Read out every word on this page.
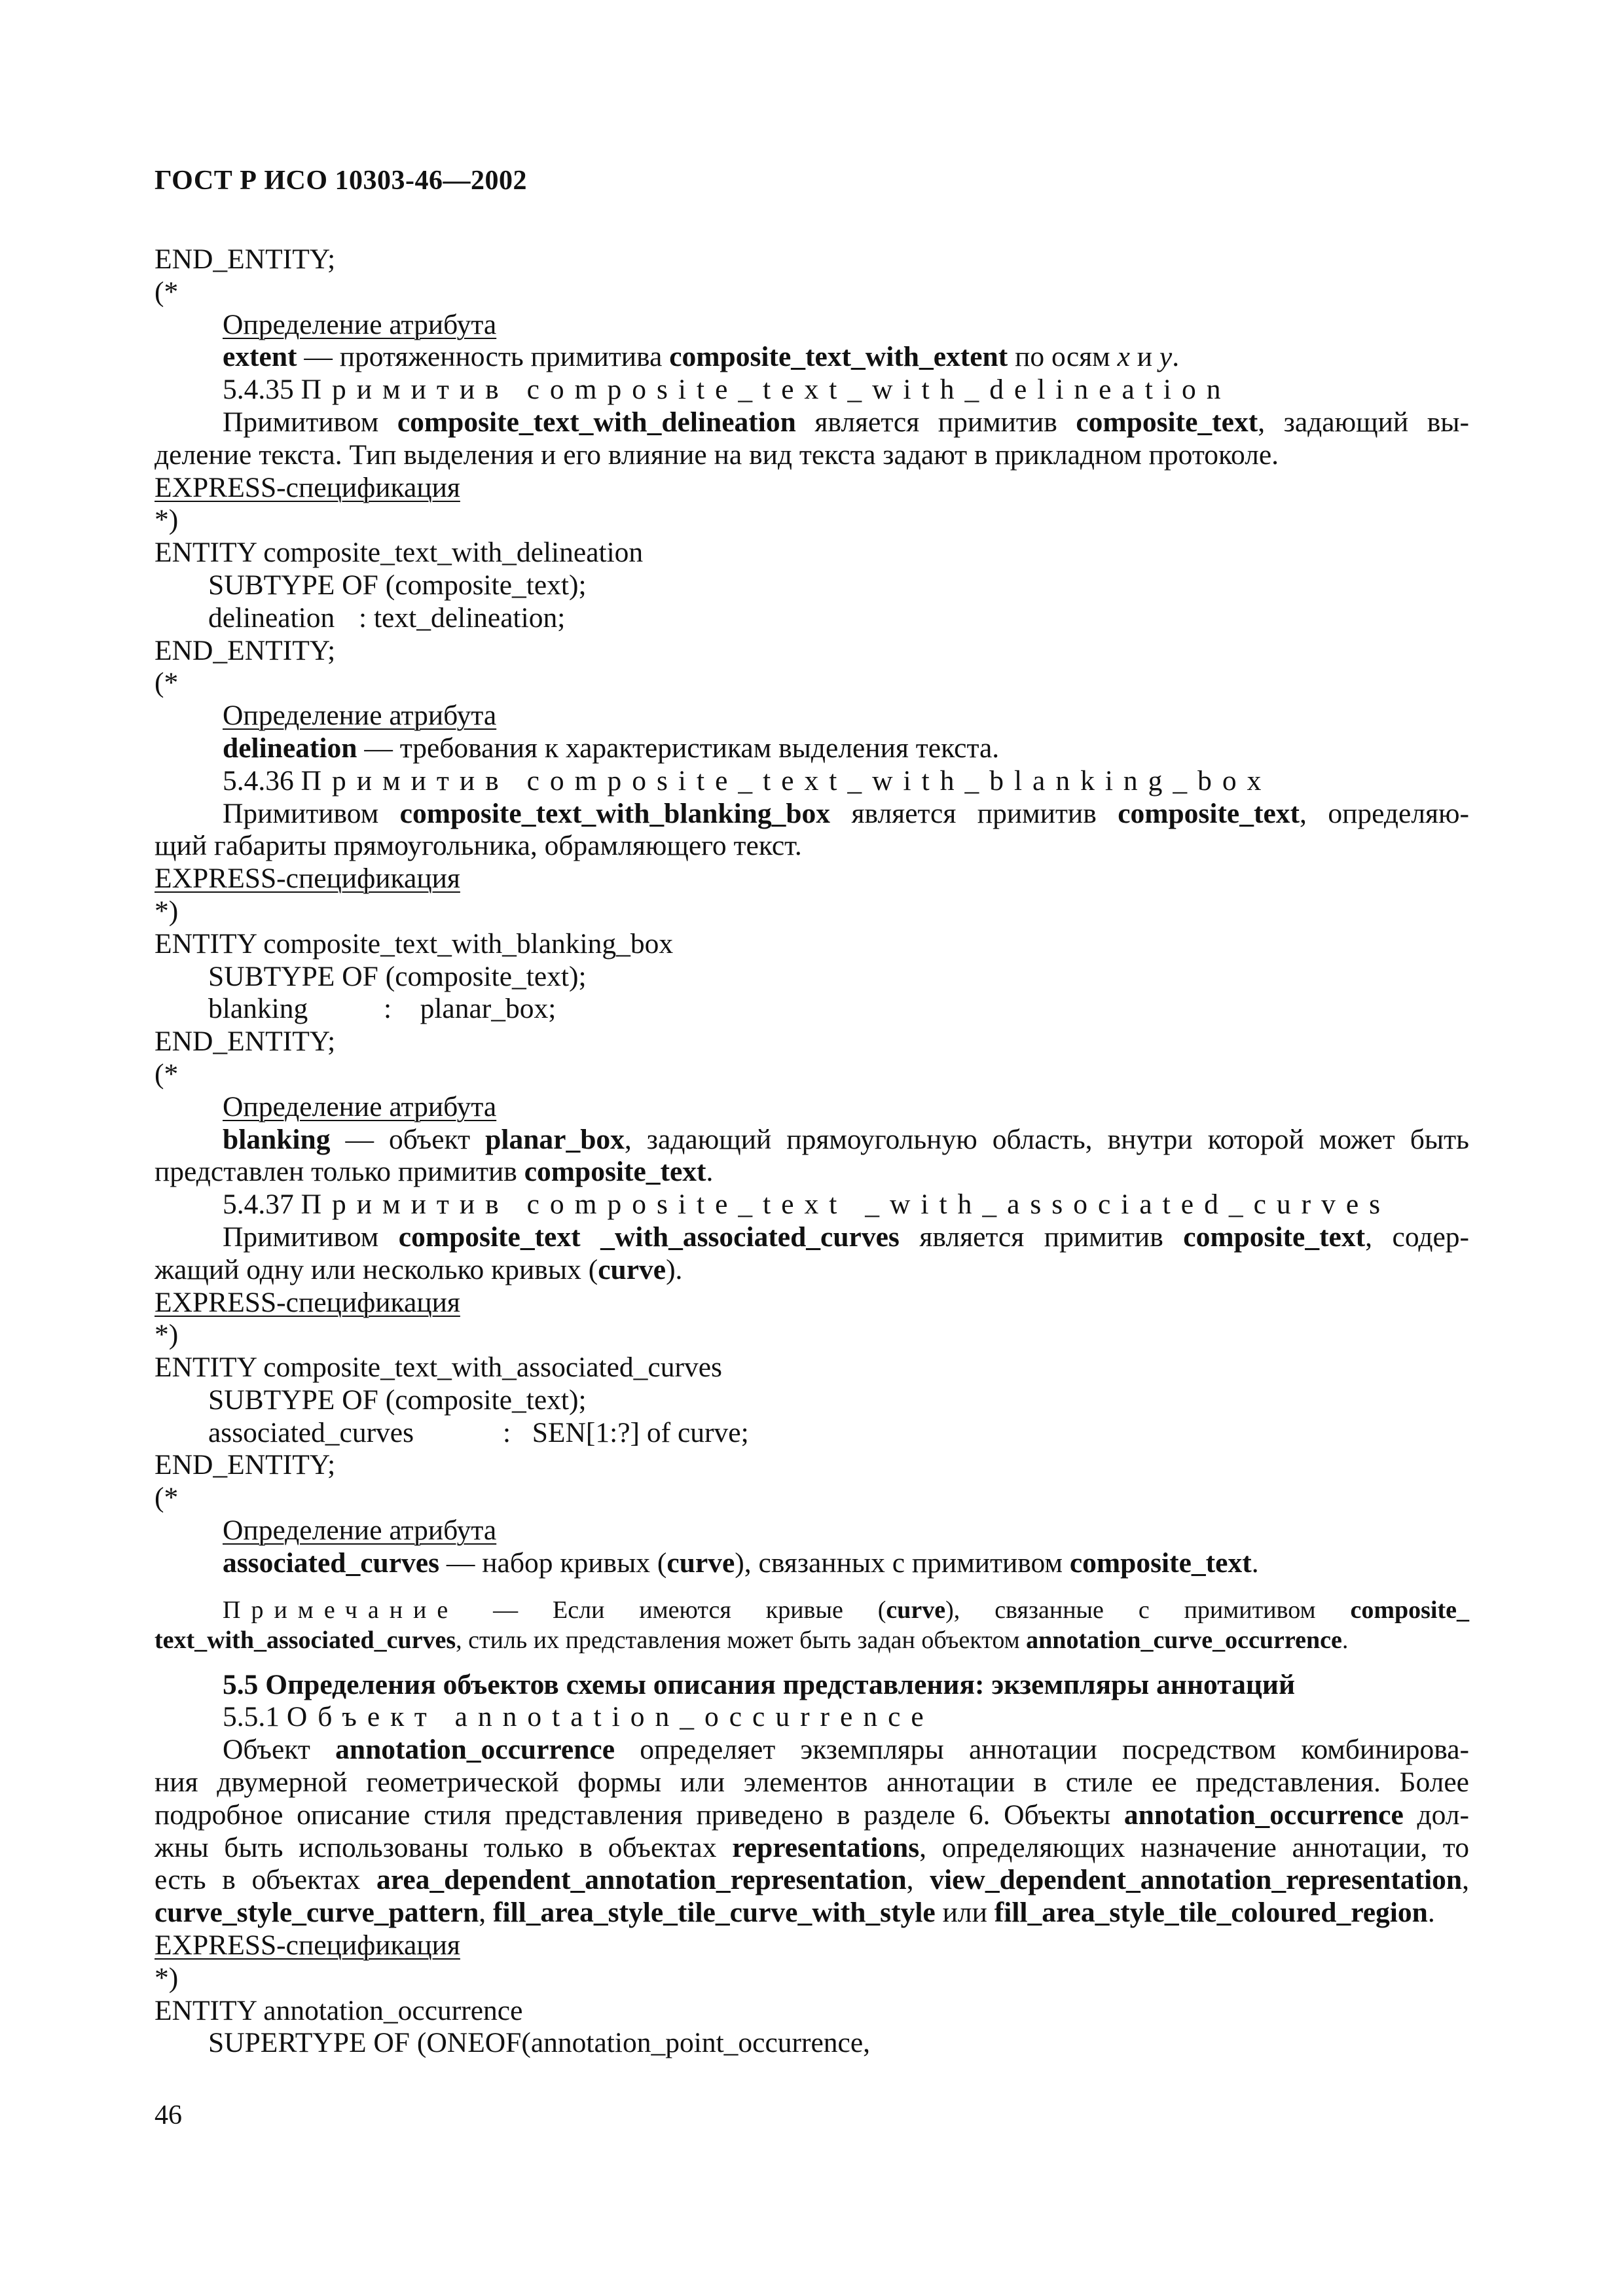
ГОСТ Р ИСО 10303-46—2002
END_ENTITY;
(*
Определение атрибута
extent — протяженность примитива composite_text_with_extent по осям x и y.
5.4.35 Примитив composite_text_with_delineation
Примитивом composite_text_with_delineation является примитив composite_text, задающий вы-
деление текста. Тип выделения и его влияние на вид текста задают в прикладном протоколе.
EXPRESS-спецификация
*)
ENTITY composite_text_with_delineation
SUBTYPE OF (composite_text);
delineation : text_delineation;
END_ENTITY;
(*
Определение атрибута
delineation — требования к характеристикам выделения текста.
5.4.36 Примитив composite_text_with_blanking_box
Примитивом composite_text_with_blanking_box является примитив composite_text, определяю-
щий габариты прямоугольника, обрамляющего текст.
EXPRESS-спецификация
*)
ENTITY composite_text_with_blanking_box
SUBTYPE OF (composite_text);
blanking	:    planar_box;
END_ENTITY;
(*
Определение атрибута
blanking — объект planar_box, задающий прямоугольную область, внутри которой может быть
представлен только примитив composite_text.
5.4.37 Примитив composite_text _with_associated_curves
Примитивом composite_text _with_associated_curves является примитив composite_text, содер-
жащий одну или несколько кривых (curve).
EXPRESS-спецификация
*)
ENTITY composite_text_with_associated_curves
SUBTYPE OF (composite_text);
associated_curves	:   SEN[1:?] of curve;
END_ENTITY;
(*
Определение атрибута
associated_curves — набор кривых (curve), связанных с примитивом composite_text.
Примечание — Если имеются кривые (curve), связанные с примитивом composite_
text_with_associated_curves, стиль их представления может быть задан объектом annotation_curve_occurrence.
5.5 Определения объектов схемы описания представления: экземпляры аннотаций
5.5.1 Объект annotation_occurrence
Объект annotation_occurrence определяет экземпляры аннотации посредством комбинирова-
ния двумерной геометрической формы или элементов аннотации в стиле ее представления. Более
подробное описание стиля представления приведено в разделе 6. Объекты annotation_occurrence дол-
жны быть использованы только в объектах representations, определяющих назначение аннотации, то
есть в объектах area_dependent_annotation_representation, view_dependent_annotation_representation,
curve_style_curve_pattern, fill_area_style_tile_curve_with_style или fill_area_style_tile_coloured_region.
EXPRESS-спецификация
*)
ENTITY annotation_occurrence
SUPERTYPE OF (ONEOF(annotation_point_occurrence,
46
